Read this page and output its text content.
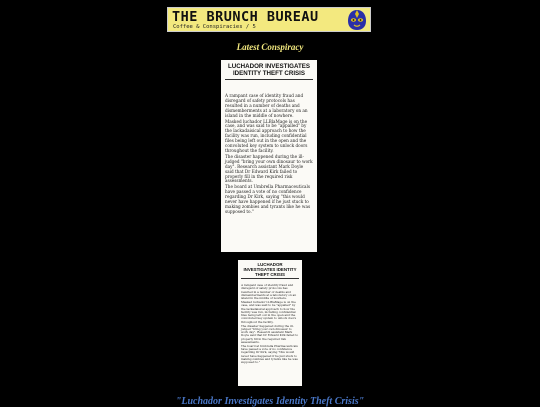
THE BRUNCH BUREAU
Coffee & Conspiracies / 5
Latest Conspiracy
LUCHADOR INVESTIGATES IDENTITY THEFT CRISIS

A rampant case of identity fraud and disregard of safety protocols has resulted in a number of deaths and dismemberments at a laboratory on an island in the middle of nowhere.

Masked luchador LLBlaMage is on the case, and was said to be "appalled" by the lackadaisical approach to how the facility was run, including confidential files being left out in the open and the convoluted key system to unlock doors throughout the facility.

The disaster happened during the ill-judged "bring your own dinosaur to work day". Research assistant Mark Doyle said that Dr Edward Kirk failed to properly fill in the required risk assessments.

The board at Umbrella Pharmaceuticals have passed a vote of no confidence regarding Dr Kirk, saying "this would never have happened if he just stuck to making zombies and tyrants like he was supposed to."

LUCHADOR INVESTIGATES IDENTITY THEFT CRISIS

A rampant case of identity fraud and disregard of safety protocols has resulted in a number of deaths and dismemberments at a laboratory on an island in the middle of nowhere.

Masked luchador LLBlaMage is on the case, and was said to be "appalled" by the lackadaisical approach to how the facility was run, including confidential files being left out in the open and the convoluted key system to unlock doors throughout the facility.

The disaster happened during the ill-judged "bring your own dinosaur to work day". Research assistant Mark Doyle said that Dr Edward Kirk failed to properly fill in the required risk assessments.

The board at Umbrella Pharmaceuticals have passed a vote of no confidence regarding Dr Kirk, saying "this would never have happened if he just stuck to making zombies and tyrants like he was supposed to."

"Luchador Investigates Identity Theft Crisis"
